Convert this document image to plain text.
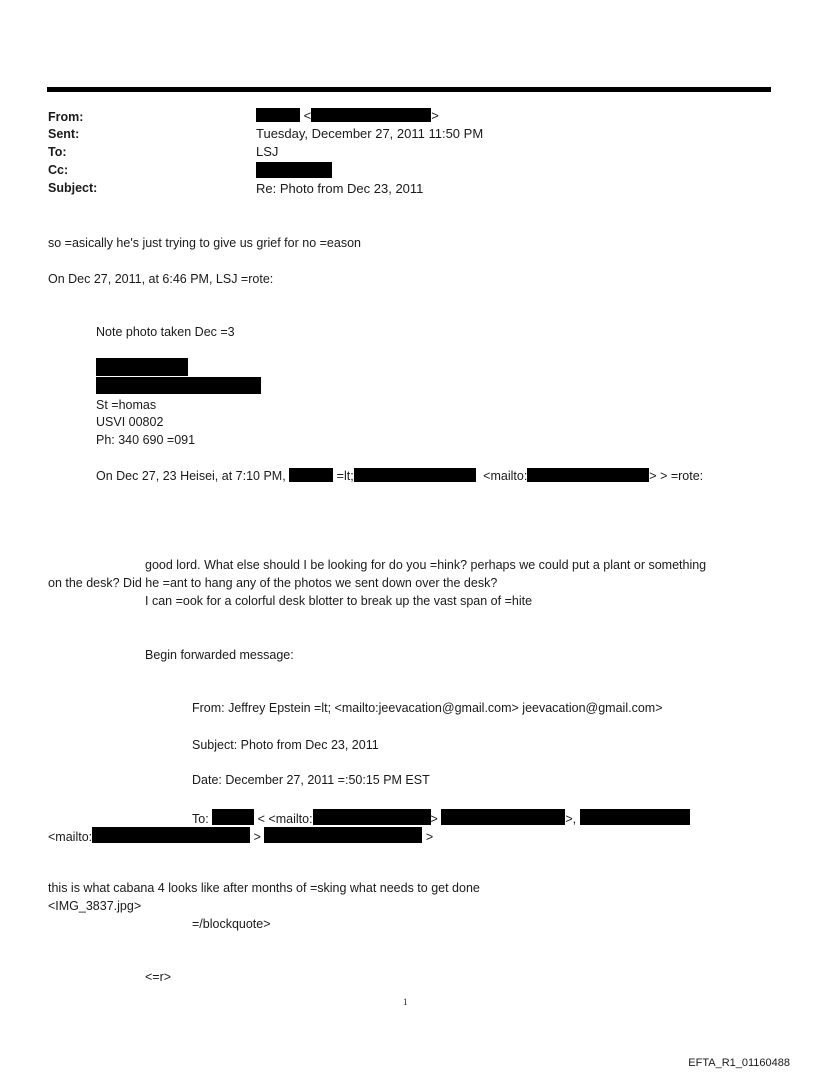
From:	<	>
Sent:	Tuesday, December 27, 2011 11:50 PM
To:	LSJ
Cc:
Subject:	Re: Photo from Dec 23, 2011
so =asically he's just trying to give us grief for no =eason
On Dec 27, 2011, at 6:46 PM, LSJ =rote:
Note photo taken Dec =3
St =homas
USVI 00802
Ph: 340 690 =091
On Dec 27, 23 Heisei, at 7:10 PM,	=lt;	<mailto:	> > =rote:
good lord. What else should I be looking for do you =hink? perhaps we could put a plant or something
on the desk? Did he =ant to hang any of the photos we sent down over the desk?
I can =ook for a colorful desk blotter to break up the vast span of =hite
Begin forwarded message:
From: Jeffrey Epstein =lt; <mailto:jeevacation@gmail.com> jeevacation@gmail.com>
Subject: Photo from Dec 23, 2011
Date: December 27, 2011 =:50:15 PM EST
To:	< <mailto:	>	>,
<mailto:	>	>
this is what cabana 4 looks like after months of =sking what needs to get done
<IMG_3837.jpg>
=/blockquote>
<=r>
1
EFTA_R1_01160488
